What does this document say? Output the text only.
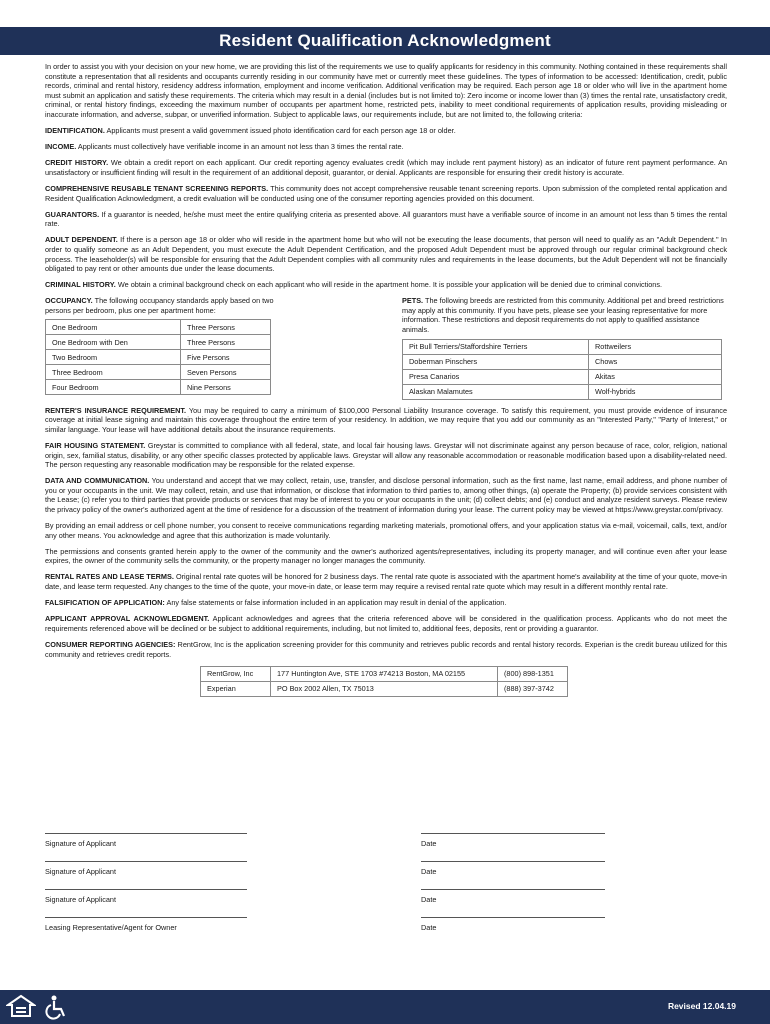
Resident Qualification Acknowledgment

In order to assist you with your decision on your new home, we are providing this list of the requirements we use to qualify applicants for residency in this community. Nothing contained in these requirements shall constitute a representation that all residents and occupants currently residing in our community have met or currently meet these guidelines. The types of information to be accessed: Identification, credit, public records, criminal and rental history, residency address information, employment and income verification. Additional verification may be required. Each person age 18 or older who will live in the apartment home must submit an application and satisfy these requirements. The criteria which may result in a denial (includes but is not limited to): Zero income or income lower than (3) times the rental rate, unsatisfactory credit, criminal, or rental history findings, exceeding the maximum number of occupants per apartment home, restricted pets, inability to meet conditional requirements of application results, providing misleading or inaccurate information, and adverse, subpar, or unverified information. Subject to applicable laws, our requirements include, but are not limited to, the following criteria:

IDENTIFICATION. Applicants must present a valid government issued photo identification card for each person age 18 or older.

INCOME. Applicants must collectively have verifiable income in an amount not less than 3 times the rental rate.

CREDIT HISTORY. We obtain a credit report on each applicant. Our credit reporting agency evaluates credit (which may include rent payment history) as an indicator of future rent payment performance. An unsatisfactory or insufficient finding will result in the requirement of an additional deposit, guarantor, or denial. Applicants are responsible for ensuring their credit history is accurate.

COMPREHENSIVE REUSABLE TENANT SCREENING REPORTS. This community does not accept comprehensive reusable tenant screening reports. Upon submission of the completed rental application and Resident Qualification Acknowledgment, a credit evaluation will be conducted using one of the consumer reporting agencies provided on this document.

GUARANTORS. If a guarantor is needed, he/she must meet the entire qualifying criteria as presented above. All guarantors must have a verifiable source of income in an amount not less than 5 times the rental rate.

ADULT DEPENDENT. If there is a person age 18 or older who will reside in the apartment home but who will not be executing the lease documents, that person will need to qualify as an "Adult Dependent." In order to qualify someone as an Adult Dependent, you must execute the Adult Dependent Certification, and the proposed Adult Dependent must be approved through our regular criminal background check process. The leaseholder(s) will be responsible for ensuring that the Adult Dependent complies with all community rules and requirements in the lease documents, but the Adult Dependent will not be financially obligated to pay rent or other amounts due under the lease documents.

CRIMINAL HISTORY. We obtain a criminal background check on each applicant who will reside in the apartment home. It is possible your application will be denied due to criminal convictions.

OCCUPANCY. The following occupancy standards apply based on two persons per bedroom, plus one per apartment home:
One Bedroom	Three Persons
One Bedroom with Den	Three Persons
Two Bedroom	Five Persons
Three Bedroom	Seven Persons
Four Bedroom	Nine Persons
PETS. The following breeds are restricted from this community. Additional pet and breed restrictions may apply at this community. If you have pets, please see your leasing representative for more information. These restrictions and deposit requirements do not apply to qualified assistance animals.
Pit Bull Terriers/Staffordshire Terriers	Rottweilers
Doberman Pinschers	Chows
Presa Canarios	Akitas
Alaskan Malamutes	Wolf-hybrids

RENTER'S INSURANCE REQUIREMENT. You may be required to carry a minimum of $100,000 Personal Liability Insurance coverage. To satisfy this requirement, you must provide evidence of insurance coverage at initial lease signing and maintain this coverage throughout the entire term of your residency. In addition, we may require that you add our community as an "Interested Party," "Party of Interest," or similar language. Your lease will have additional details about the insurance requirements.

FAIR HOUSING STATEMENT. Greystar is committed to compliance with all federal, state, and local fair housing laws. Greystar will not discriminate against any person because of race, color, religion, national origin, sex, familial status, disability, or any other specific classes protected by applicable laws. Greystar will allow any reasonable accommodation or reasonable modification based upon a disability-related need. The person requesting any reasonable modification may be responsible for the related expense.

DATA AND COMMUNICATION. You understand and accept that we may collect, retain, use, transfer, and disclose personal information, such as the first name, last name, email address, and phone number of you or your occupants in the unit. We may collect, retain, and use that information, or disclose that information to third parties to, among other things, (a) operate the Property; (b) provide services consistent with the Lease; (c) refer you to third parties that provide products or services that may be of interest to you or your occupants in the unit; (d) collect debts; and (e) conduct and analyze resident surveys. Please review the privacy policy of the owner's authorized agent at the time of residence for a discussion of the treatment of information during your lease. The current policy may be viewed at https://www.greystar.com/privacy.

By providing an email address or cell phone number, you consent to receive communications regarding marketing materials, promotional offers, and your application status via e-mail, voicemail, calls, text, and/or any other means. You acknowledge and agree that this authorization is made voluntarily.

The permissions and consents granted herein apply to the owner of the community and the owner's authorized agents/representatives, including its property manager, and will continue even after your lease expires, the owner of the community sells the community, or the property manager no longer manages the community.

RENTAL RATES AND LEASE TERMS. Original rental rate quotes will be honored for 2 business days. The rental rate quote is associated with the apartment home's availability at the time of your quote, move-in date, and lease term requested. Any changes to the time of the quote, your move-in date, or lease term may require a revised rental rate quote which may result in a different monthly rental rate.

FALSIFICATION OF APPLICATION: Any false statements or false information included in an application may result in denial of the application.

APPLICANT APPROVAL ACKNOWLEDGMENT. Applicant acknowledges and agrees that the criteria referenced above will be considered in the qualification process. Applicants who do not meet the requirements referenced above will be declined or be subject to additional requirements, including, but not limited to, additional fees, deposits, rent or providing a guarantor.

CONSUMER REPORTING AGENCIES: RentGrow, Inc is the application screening provider for this community and retrieves public records and rental history records. Experian is the credit bureau utilized for this community and retrieves credit reports.

RentGrow, Inc	177 Huntington Ave, STE 1703 #74213 Boston, MA 02155	(800) 898-1351
Experian	PO Box 2002 Allen, TX 75013	(888) 397-3742
Signature of Applicant	Date
Signature of Applicant	Date
Signature of Applicant	Date
Leasing Representative/Agent for Owner	Date
Revised 12.04.19
